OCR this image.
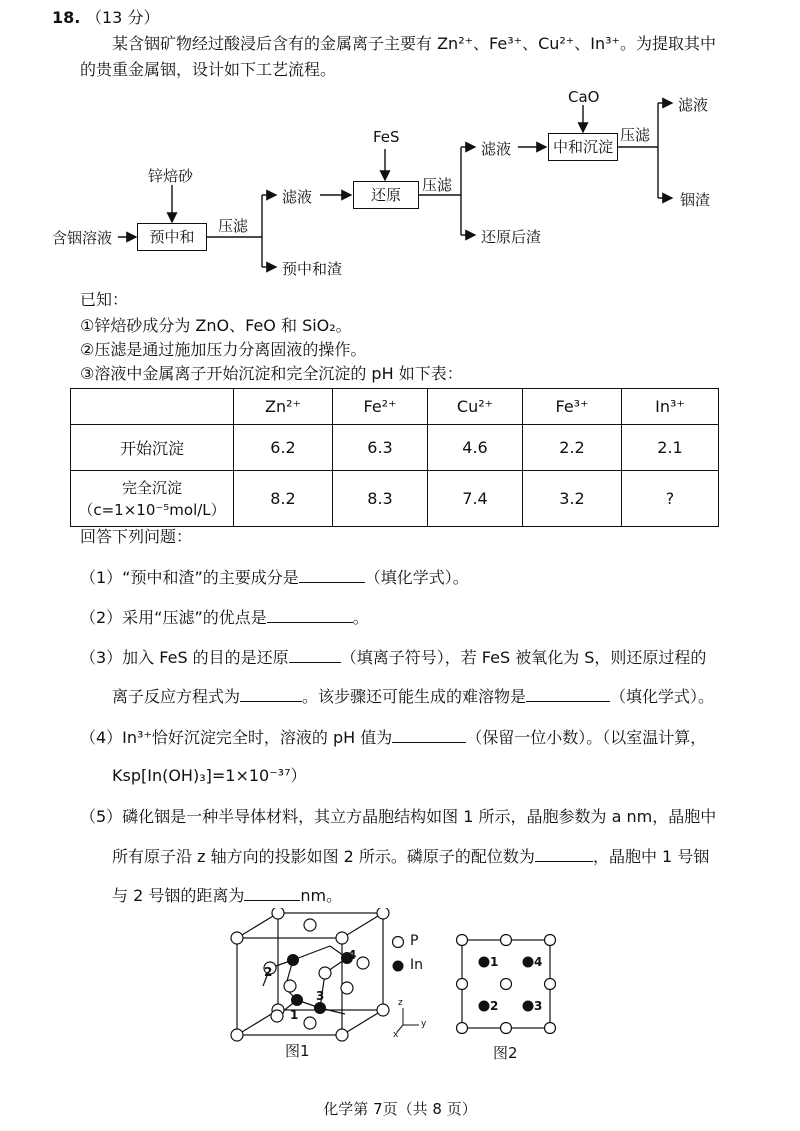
18. （13 分）
某含铟矿物经过酸浸后含有的金属离子主要有 Zn²⁺、Fe³⁺、Cu²⁺、In³⁺。为提取其中
的贵重金属铟，设计如下工艺流程。
含铟溶液
锌焙砂
预中和
压滤
滤液
预中和渣
FeS
还原
压滤
滤液
还原后渣
CaO
中和沉淀
压滤
滤液
铟渣
已知：
①锌焙砂成分为 ZnO、FeO 和 SiO₂。
②压滤是通过施加压力分离固液的操作。
③溶液中金属离子开始沉淀和完全沉淀的 pH 如下表：
	Zn²⁺	Fe²⁺	Cu²⁺	Fe³⁺	In³⁺
开始沉淀	6.2	6.3	4.6	2.2	2.1

完全沉淀
（c=1×10⁻⁵mol/L）	8.2	8.3	7.4	3.2	?
回答下列问题：
（1）“预中和渣”的主要成分是	（填化学式）。
（2）采用“压滤”的优点是	。
（3）加入 FeS 的目的是还原	（填离子符号），若 FeS 被氧化为 S，则还原过程的
离子反应方程式为	。该步骤还可能生成的难溶物是	（填化学式）。
（4）In³⁺恰好沉淀完全时，溶液的 pH 值为	（保留一位小数）。（以室温计算，
Ksp[In(OH)₃]=1×10⁻³⁷）
（5）磷化铟是一种半导体材料，其立方晶胞结构如图 1 所示，晶胞参数为 a nm，晶胞中
所有原子沿 z 轴方向的投影如图 2 所示。磷原子的配位数为	，晶胞中 1 号铟
与 2 号铟的距离为	nm。
2
4
3
1
z
y
x
P
In
图1
1	4
2	3
图2
化学第 7页（共 8 页）
